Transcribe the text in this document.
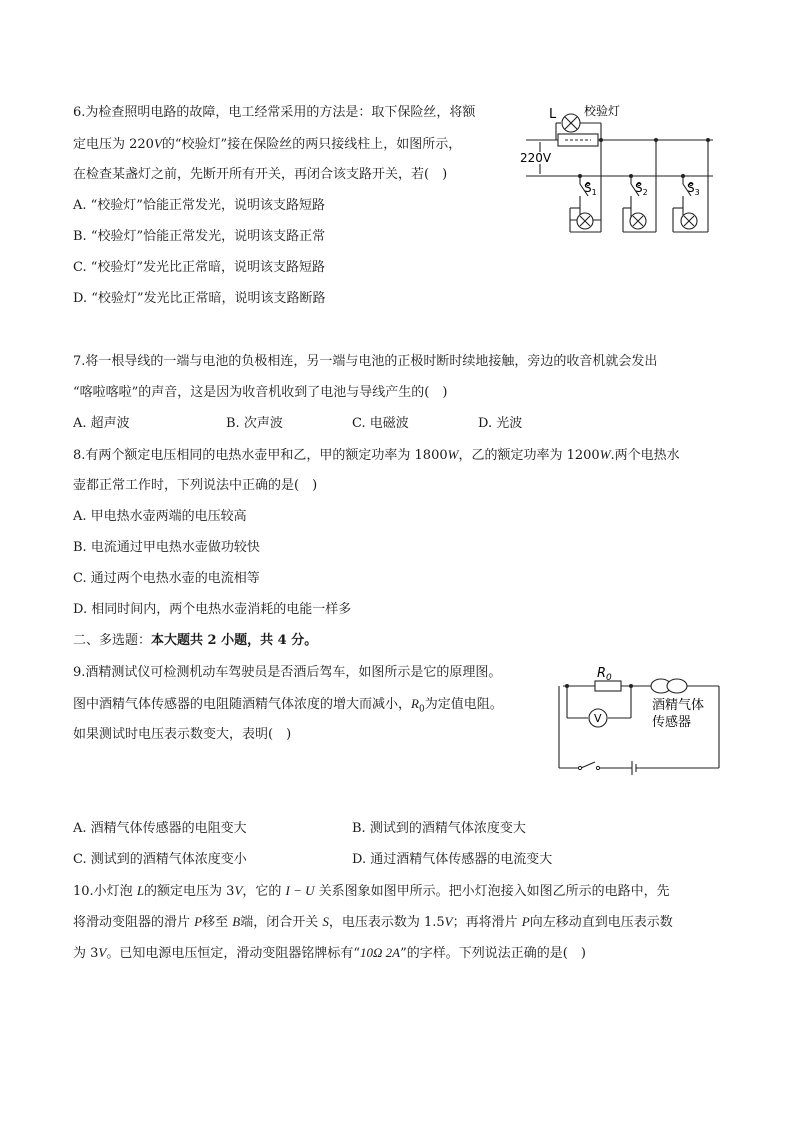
6.为检查照明电路的故障，电工经常采用的方法是：取下保险丝，将额
定电压为 220V的“校验灯”接在保险丝的两只接线柱上，如图所示，
在检查某盏灯之前，先断开所有开关，再闭合该支路开关，若(　)
A. “校验灯”恰能正常发光，说明该支路短路
B. “校验灯”恰能正常发光，说明该支路正常
C. “校验灯”发光比正常暗，说明该支路短路
D. “校验灯”发光比正常暗，说明该支路断路
L 校验灯
220V
$S_1$	$S_2$	$S_3$
7.将一根导线的一端与电池的负极相连，另一端与电池的正极时断时续地接触，旁边的收音机就会发出
“喀啦喀啦”的声音，这是因为收音机收到了电池与导线产生的(　)
A. 超声波	B. 次声波	C. 电磁波	D. 光波
8.有两个额定电压相同的电热水壶甲和乙，甲的额定功率为 1800W，乙的额定功率为 1200W.两个电热水
壶都正常工作时，下列说法中正确的是(　)
A. 甲电热水壶两端的电压较高
B. 电流通过甲电热水壶做功较快
C. 通过两个电热水壶的电流相等
D. 相同时间内，两个电热水壶消耗的电能一样多
二、多选题：本大题共 2 小题，共 4 分。
9.酒精测试仪可检测机动车驾驶员是否酒后驾车，如图所示是它的原理图。
图中酒精气体传感器的电阻随酒精气体浓度的增大而减小，$R_0$为定值电阻。
如果测试时电压表示数变大，表明(　)
$R_0$
V
酒精气体
传感器
A. 酒精气体传感器的电阻变大	B. 测试到的酒精气体浓度变大
C. 测试到的酒精气体浓度变小	D. 通过酒精气体传感器的电流变大
10.小灯泡 L的额定电压为 3V，它的 I − U 关系图象如图甲所示。把小灯泡接入如图乙所示的电路中，先
将滑动变阻器的滑片 P移至 B端，闭合开关 S，电压表示数为 1.5V；再将滑片 P向左移动直到电压表示数
为 3V。已知电源电压恒定，滑动变阻器铭牌标有“10Ω 2A”的字样。下列说法正确的是(　)
